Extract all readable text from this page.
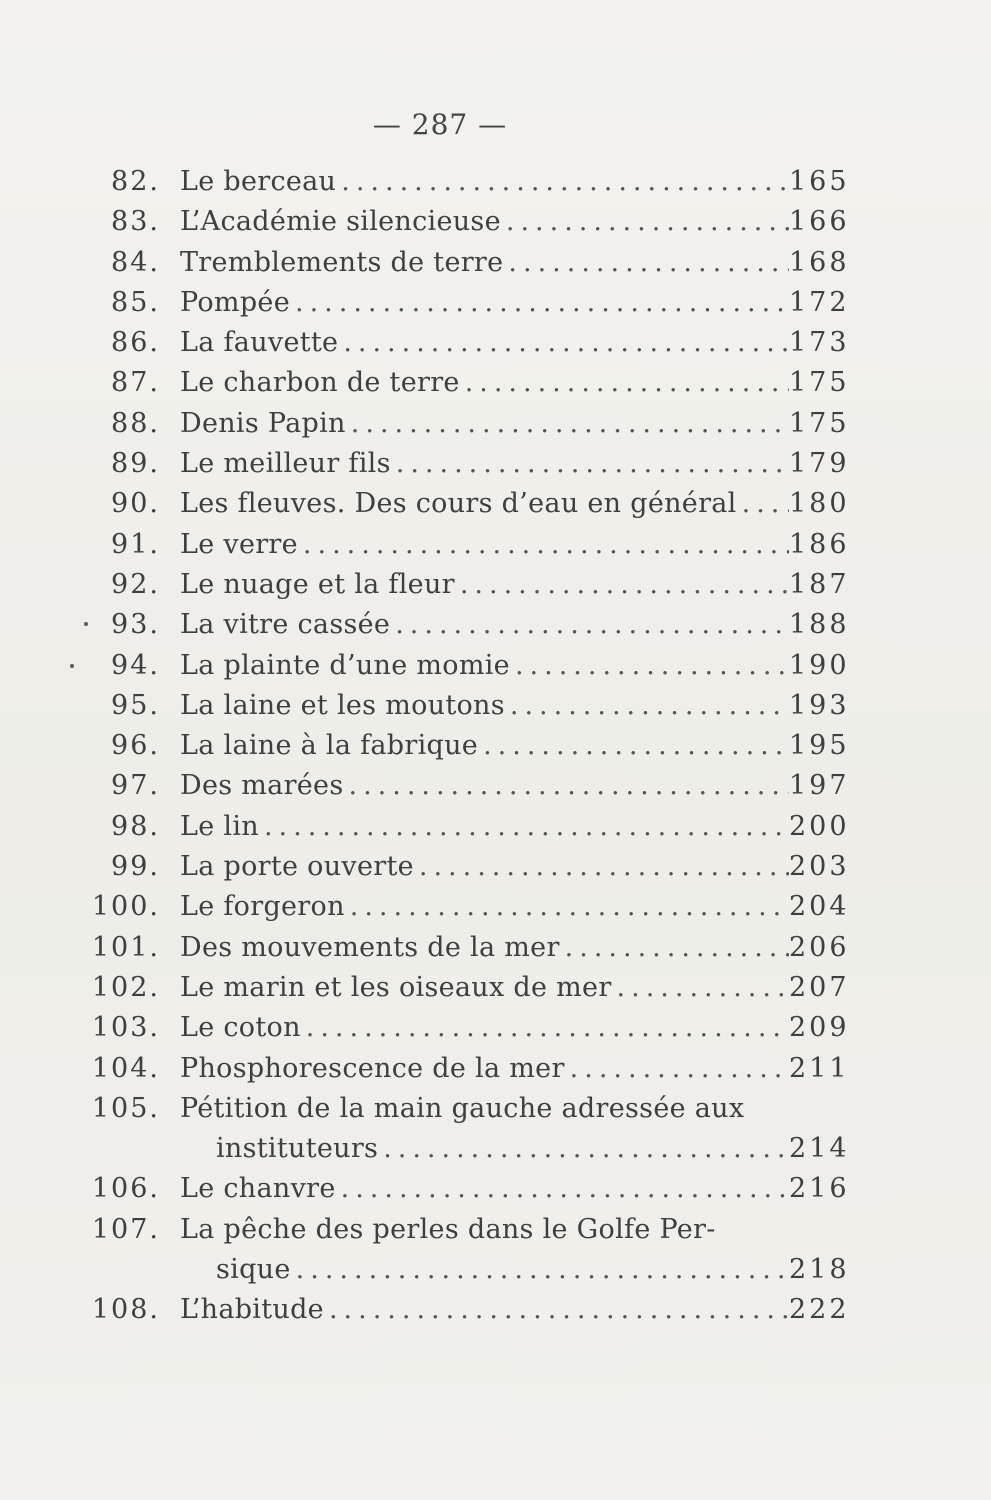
— 287 —
82. Le berceau .....	165
83. L’Académie silencieuse .....	166
84. Tremblements de terre .....	168
85. Pompée .....	172
86. La fauvette .....	173
87. Le charbon de terre .....	175
88. Denis Papin .....	175
89. Le meilleur fils .....	179
90. Les fleuves. Des cours d’eau en général ..... 180
91. Le verre .....	186
92. Le nuage et la fleur .....	187
93. La vitre cassée .....	188
94. La plainte d’une momie .....	190
95. La laine et les moutons .....	193
96. La laine à la fabrique .....	195
97. Des marées .....	197
98. Le lin .....	200
99. La porte ouverte .....	203
100. Le forgeron .....	204
101. Des mouvements de la mer .....	206
102. Le marin et les oiseaux de mer .....	207
103. Le coton .....	209
104. Phosphorescence de la mer .....	211
105. Pétition de la main gauche adressée aux
instituteurs .....	214
106. Le chanvre .....	216
107. La pêche des perles dans le Golfe Per-
sique .....	218
108. L’habitude .....	222
